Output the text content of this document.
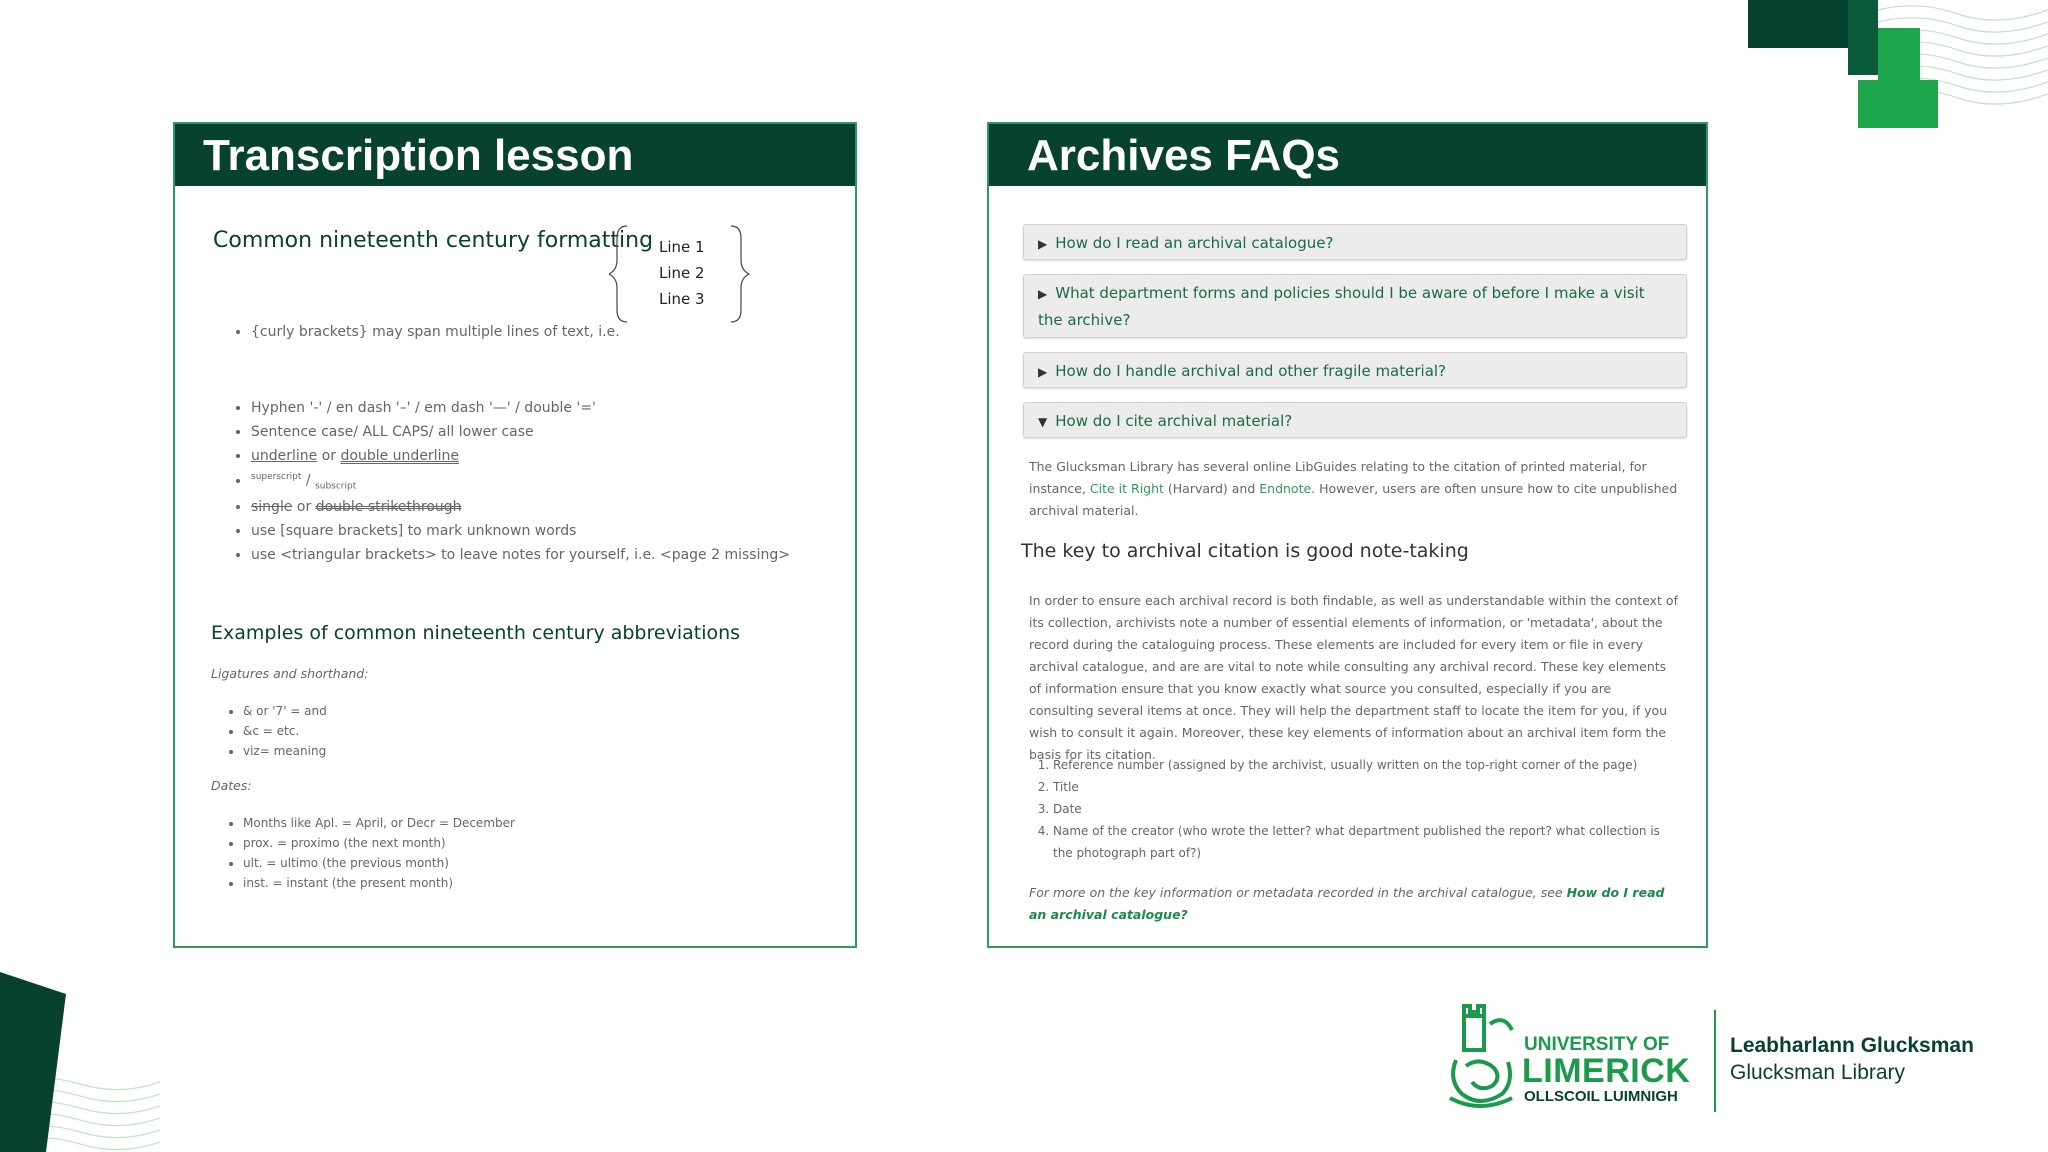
Transcription lesson
Common nineteenth century formatting
• {curly brackets} may span multiple lines of text, i.e.
Line 1
Line 2
Line 3
• Hyphen '-' / en dash '–' / em dash '—' / double '='
• Sentence case/ ALL CAPS/ all lower case
• underline or double underline
• $^{superscript}$ / $_{subscript}$
• single or double strikethrough
• use [square brackets] to mark unknown words
• use <triangular brackets> to leave notes for yourself, i.e. <page 2 missing>
Examples of common nineteenth century abbreviations
Ligatures and shorthand:
• & or '7' = and
• &c = etc.
• viz= meaning
Dates:
• Months like Apl. = April, or Decr = December
• prox. = proximo (the next month)
• ult. = ultimo (the previous month)
• inst. = instant (the present month)
Archives FAQs
▶ How do I read an archival catalogue?
▶ What department forms and policies should I be aware of before I make a visit the archive?
▶ How do I handle archival and other fragile material?
▼ How do I cite archival material?
The Glucksman Library has several online LibGuides relating to the citation of printed material, for instance, Cite it Right (Harvard) and Endnote. However, users are often unsure how to cite unpublished archival material.
The key to archival citation is good note-taking
In order to ensure each archival record is both findable, as well as understandable within the context of its collection, archivists note a number of essential elements of information, or 'metadata', about the record during the cataloguing process. These elements are included for every item or file in every archival catalogue, and are are vital to note while consulting any archival record. These key elements of information ensure that you know exactly what source you consulted, especially if you are consulting several items at once. They will help the department staff to locate the item for you, if you wish to consult it again. Moreover, these key elements of information about an archival item form the basis for its citation.
1. Reference number (assigned by the archivist, usually written on the top-right corner of the page)
2. Title
3. Date
4. Name of the creator (who wrote the letter? what department published the report? what collection is the photograph part of?)
For more on the key information or metadata recorded in the archival catalogue, see How do I read an archival catalogue?
UNIVERSITY OF
LIMERICK
OLLSCOIL LUIMNIGH
Leabharlann Glucksman
Glucksman Library
